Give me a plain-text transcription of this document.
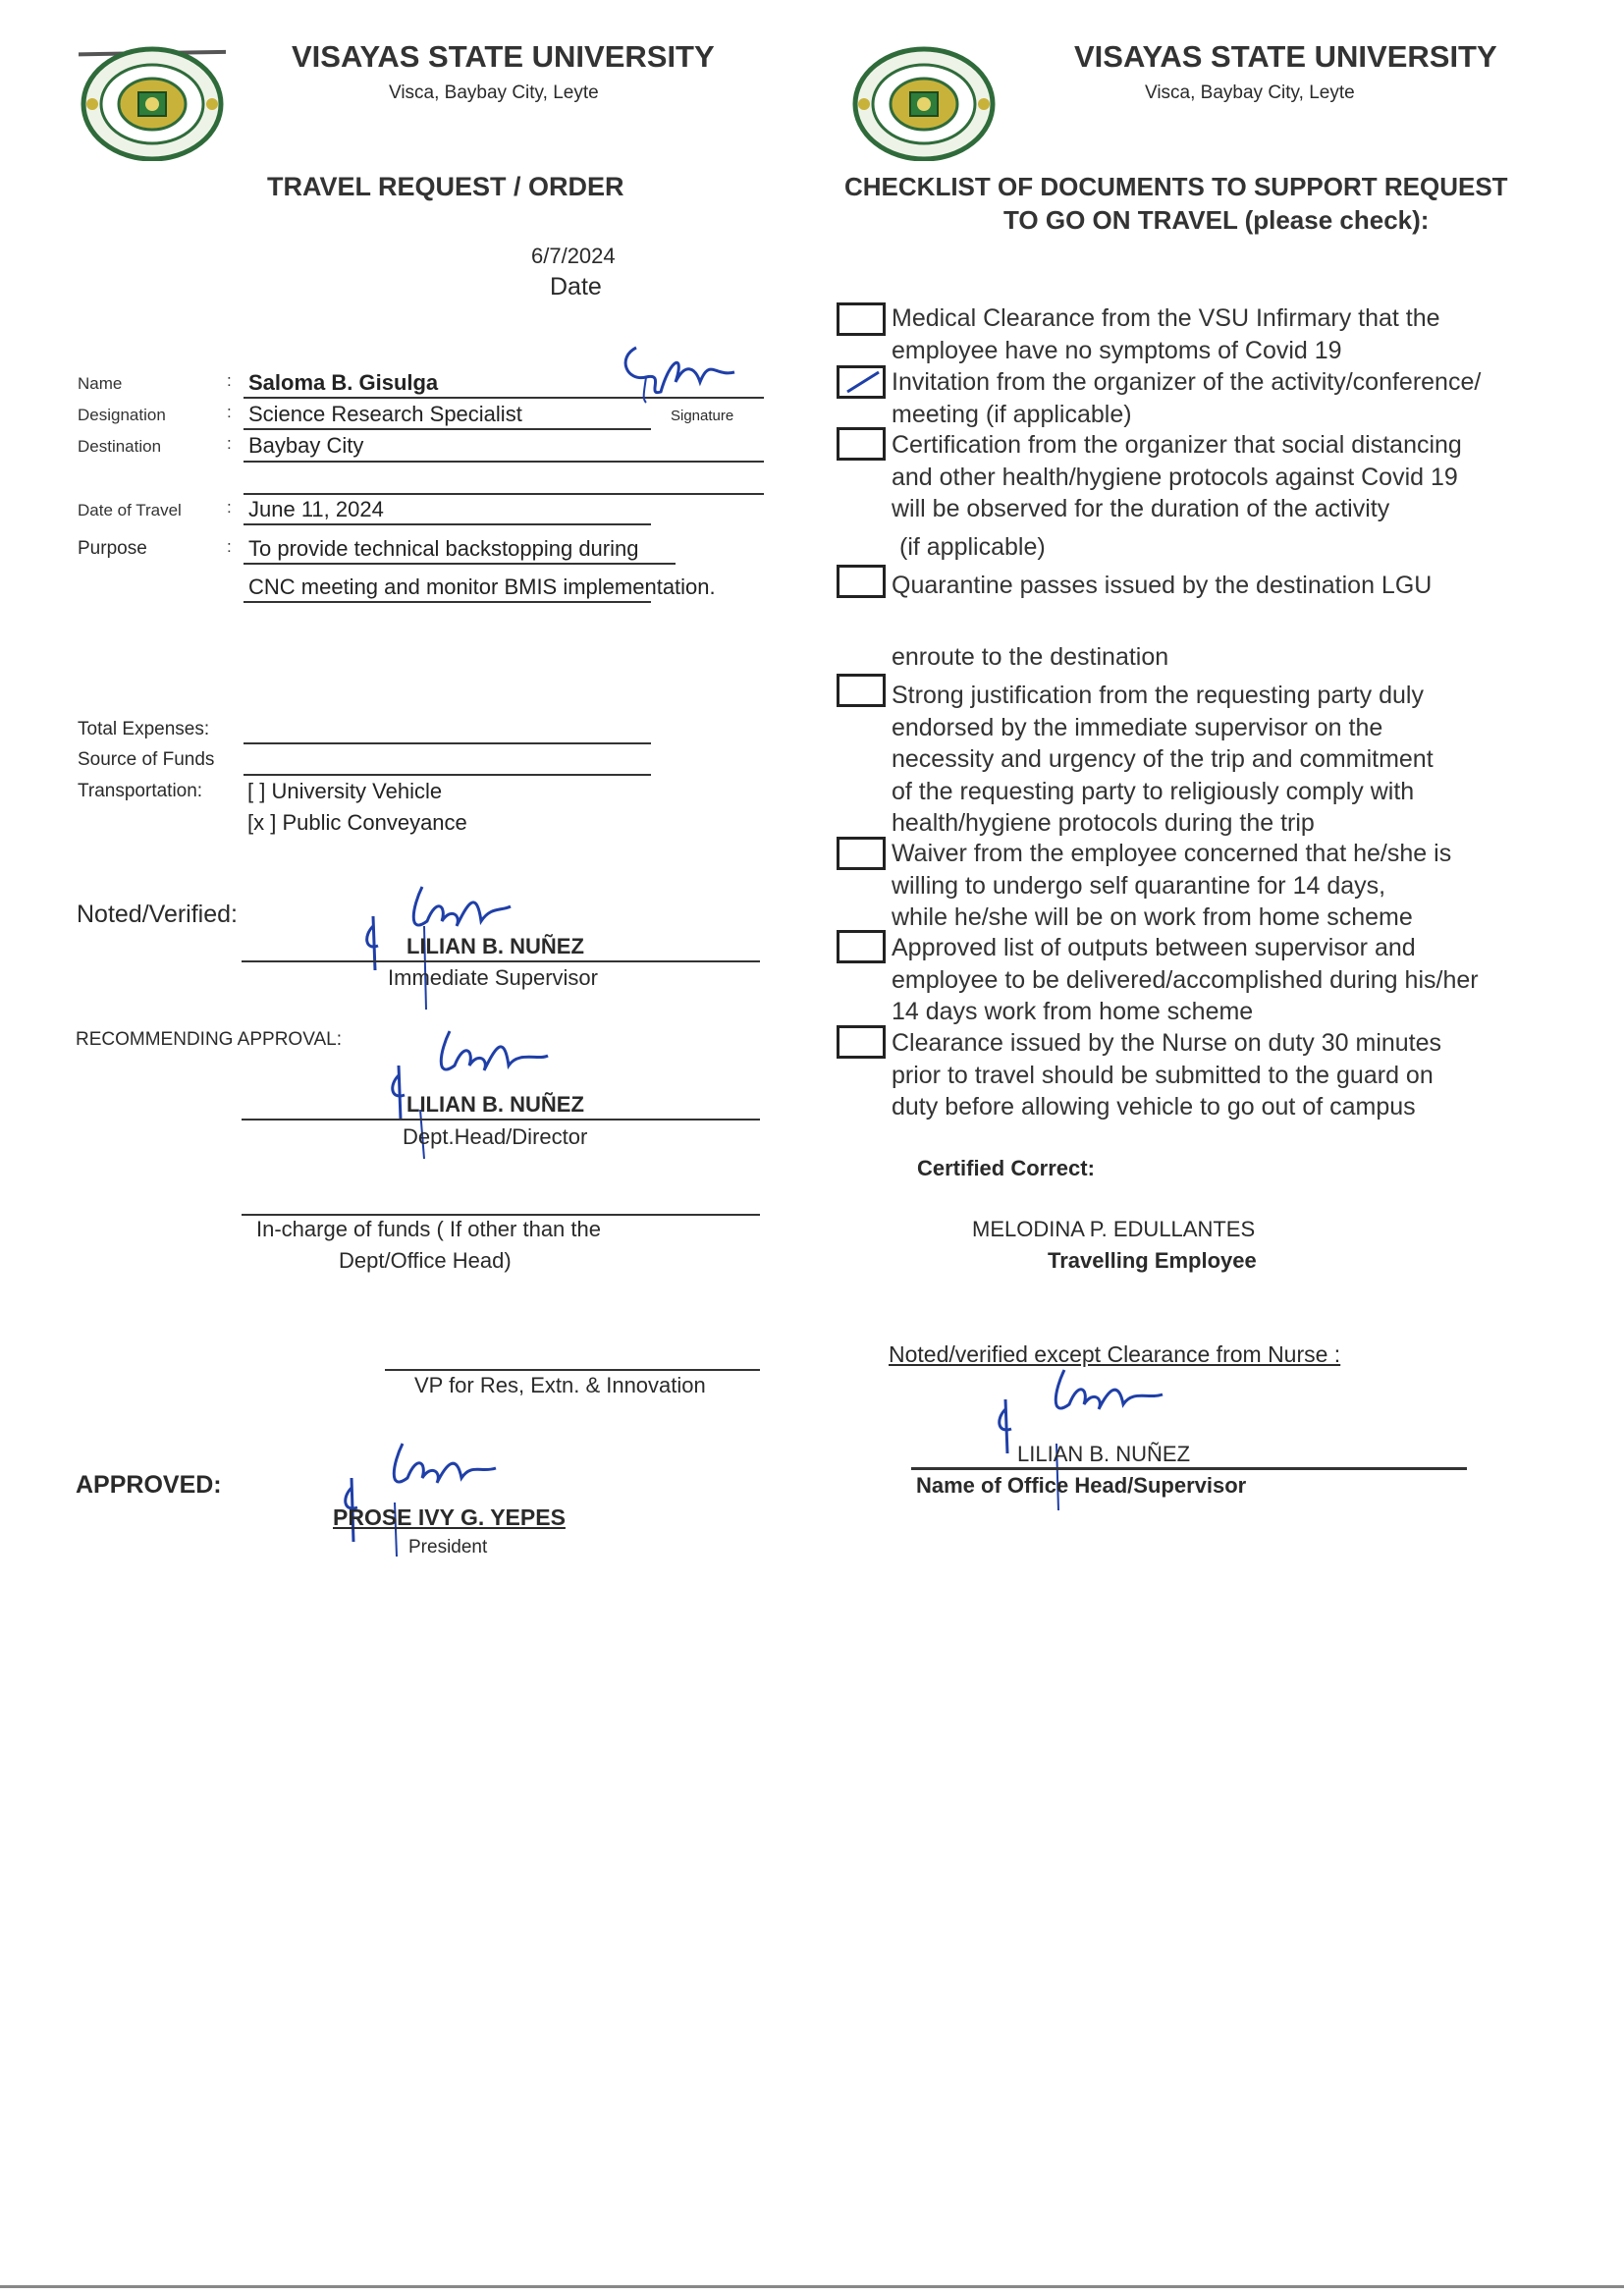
VISAYAS STATE UNIVERSITY
Visca, Baybay City, Leyte
TRAVEL REQUEST / ORDER
6/7/2024
Date
Name	: Saloma B. Gisulga
Signature
Designation	: Science Research Specialist
Destination	: Baybay City
Date of Travel	: June 11, 2024
Purpose	: To provide technical backstopping during
CNC meeting and monitor BMIS implementation.
Total Expenses:
Source of Funds
Transportation: [ ] University Vehicle
[x ] Public Conveyance
Noted/Verified:
LILIAN B. NUÑEZ
Immediate Supervisor
RECOMMENDING APPROVAL:
LILIAN B. NUÑEZ
Dept.Head/Director
In-charge of funds ( If other than the
Dept/Office Head)
VP for Res, Extn. & Innovation
APPROVED:
PROSE IVY G. YEPES
President
VISAYAS STATE UNIVERSITY
Visca, Baybay City, Leyte
CHECKLIST OF DOCUMENTS TO SUPPORT REQUEST
TO GO ON TRAVEL (please check):
Medical Clearance from the VSU Infirmary that the
employee have no symptoms of Covid 19
Invitation from the organizer of the activity/conference/
meeting (if applicable)
Certification from the organizer that social distancing
and other health/hygiene protocols against Covid 19
will be observed for the duration of the activity
(if applicable)
Quarantine passes issued by the destination LGU
enroute to the destination
Strong justification from the requesting party duly
endorsed by the immediate supervisor on the
necessity and urgency of the trip and commitment
of the requesting party to religiously comply with
health/hygiene protocols during the trip
Waiver from the employee concerned that he/she is
willing to undergo self quarantine for 14 days,
while he/she will be on work from home scheme
Approved list of outputs between supervisor and
employee to be delivered/accomplished during his/her
14 days work from home scheme
Clearance issued by the Nurse on duty 30 minutes
prior to travel should be submitted to the guard on
duty before allowing vehicle to go out of campus
Certified Correct:
MELODINA P. EDULLANTES
Travelling Employee
Noted/verified except Clearance from Nurse :
LILIAN B. NUÑEZ
Name of Office Head/Supervisor
